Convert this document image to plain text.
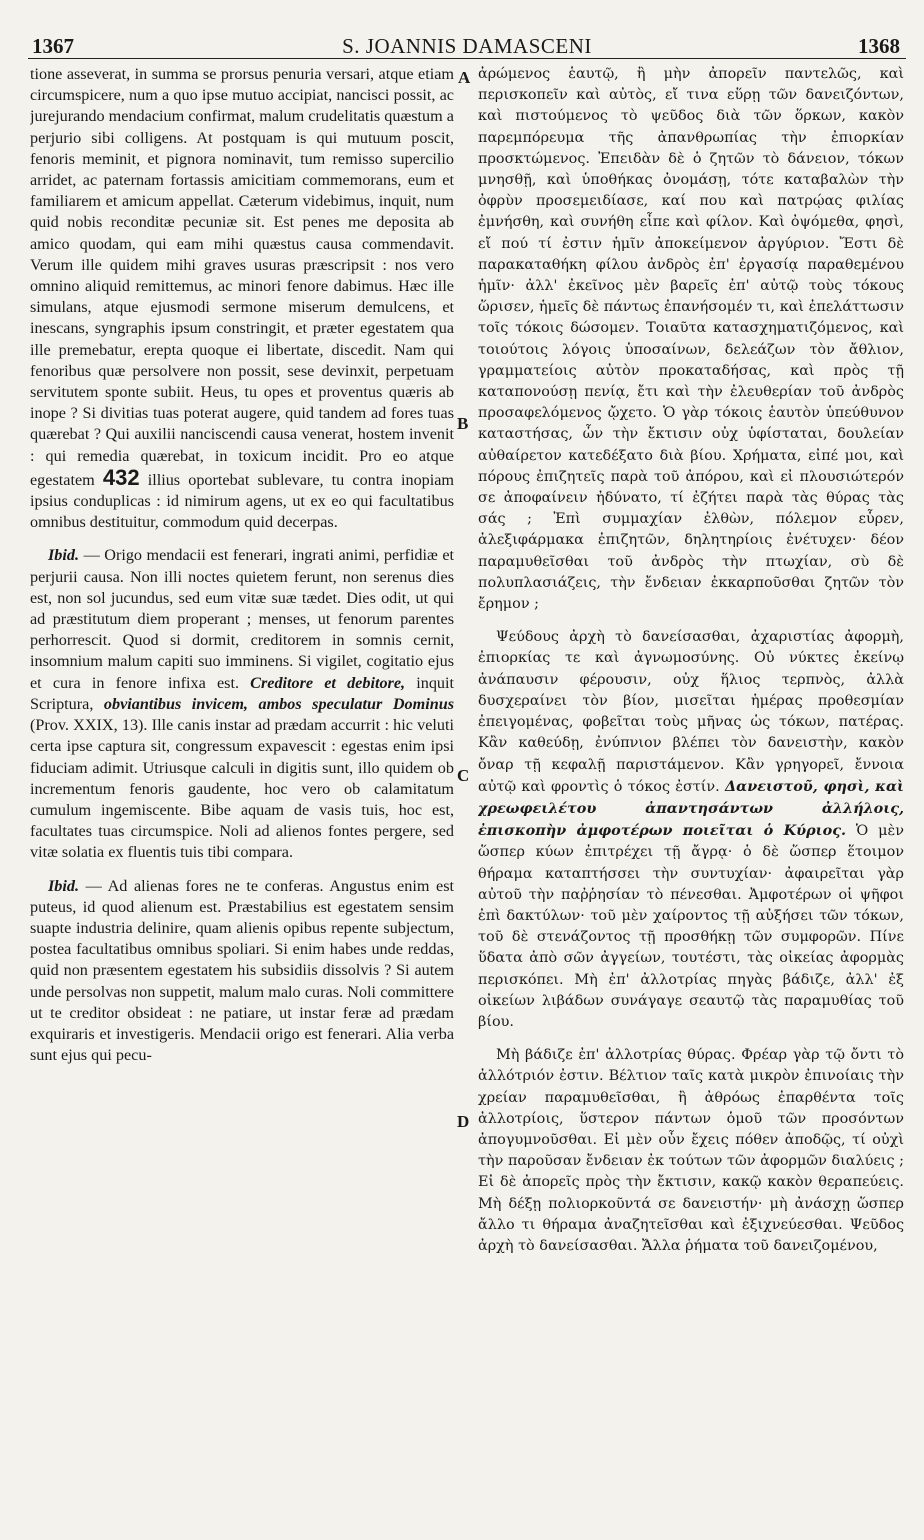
1367	S. JOANNIS DAMASCENI	1368
A
B
C
D

tione asseverat, in summa se prorsus penuria versari, atque etiam circumspicere, num a quo ipse mutuo accipiat, nancisci possit, ac jurejurando mendacium confirmat, malum crudelitatis quæstum a perjurio sibi colligens. At postquam is qui mutuum poscit, fenoris meminit, et pignora nominavit, tum remisso supercilio arridet, ac paternam fortassis amicitiam commemorans, eum et familiarem et amicum appellat. Cæterum videbimus, inquit, num quid nobis reconditæ pecuniæ sit. Est penes me deposita ab amico quodam, qui eam mihi quæstus causa commendavit. Verum ille quidem mihi graves usuras præscripsit : nos vero omnino aliquid remittemus, ac minori fenore dabimus. Hæc ille simulans, atque ejusmodi sermone miserum demulcens, et inescans, syngraphis ipsum constringit, et præter egestatem qua ille premebatur, erepta quoque ei libertate, discedit. Nam qui fenoribus quæ persolvere non possit, sese devinxit, perpetuam servitutem sponte subiit. Heus, tu opes et proventus quæris ab inope ? Si divitias tuas poterat augere, quid tandem ad fores tuas quærebat ? Qui auxilii nanciscendi causa venerat, hostem invenit : qui remedia quærebat, in toxicum incidit. Pro eo atque egestatem 432 illius oportebat sublevare, tu contra inopiam ipsius conduplicas : id nimirum agens, ut ex eo qui facultatibus omnibus destituitur, commodum quid decerpas.

Ibid. — Origo mendacii est fenerari, ingrati animi, perfidiæ et perjurii causa. Non illi noctes quietem ferunt, non serenus dies est, non sol jucundus, sed eum vitæ suæ tædet. Dies odit, ut qui ad præstitutum diem properant ; menses, ut fenorum parentes perhorrescit. Quod si dormit, creditorem in somnis cernit, insomnium malum capiti suo imminens. Si vigilet, cogitatio ejus et cura in fenore infixa est. Creditore et debitore, inquit Scriptura, obviantibus invicem, ambos speculatur Dominus (Prov. XXIX, 13). Ille canis instar ad prædam accurrit : hic veluti certa ipse captura sit, congressum expavescit : egestas enim ipsi fiduciam adimit. Utriusque calculi in digitis sunt, illo quidem ob incrementum fenoris gaudente, hoc vero ob calamitatum cumulum ingemiscente. Bibe aquam de vasis tuis, hoc est, facultates tuas circumspice. Noli ad alienos fontes pergere, sed vitæ solatia ex fluentis tuis tibi compara.

Ibid. — Ad alienas fores ne te conferas. Angustus enim est puteus, id quod alienum est. Præstabilius est egestatem sensim suapte industria delinire, quam alienis opibus repente subjectum, postea facultatibus omnibus spoliari. Si enim habes unde reddas, quid non præsentem egestatem his subsidiis dissolvis ? Si autem unde persolvas non suppetit, malum malo curas. Noli committere ut te creditor obsideat : ne patiare, ut instar feræ ad prædam exquiraris et investigeris. Mendacii origo est fenerari. Alia verba sunt ejus qui pecu-

ἀρώμενος ἑαυτῷ, ἢ μὴν ἀπορεῖν παντελῶς, καὶ περισκοπεῖν καὶ αὐτὸς, εἴ τινα εὕρῃ τῶν δανειζόντων, καὶ πιστούμενος τὸ ψεῦδος διὰ τῶν ὅρκων, κακὸν παρεμπόρευμα τῆς ἀπανθρωπίας τὴν ἐπιορκίαν προσκτώμενος. Ἐπειδὰν δὲ ὁ ζητῶν τὸ δάνειον, τόκων μνησθῇ, καὶ ὑποθήκας ὀνομάσῃ, τότε καταβαλὼν τὴν ὀφρὺν προσεμειδίασε, καί που καὶ πατρῴας φιλίας ἐμνήσθη, καὶ συνήθη εἶπε καὶ φίλον. Καὶ ὀψόμεθα, φησὶ, εἴ πού τί ἐστιν ἡμῖν ἀποκείμενον ἀργύριον. Ἔστι δὲ παρακαταθήκη φίλου ἀνδρὸς ἐπ' ἐργασίᾳ παραθεμένου ἡμῖν· ἀλλ' ἐκεῖνος μὲν βαρεῖς ἐπ' αὐτῷ τοὺς τόκους ὥρισεν, ἡμεῖς δὲ πάντως ἐπανήσομέν τι, καὶ ἐπελάττωσιν τοῖς τόκοις δώσομεν. Τοιαῦτα κατασχηματιζόμενος, καὶ τοιούτοις λόγοις ὑποσαίνων, δελεάζων τὸν ἄθλιον, γραμματείοις αὐτὸν προκαταδήσας, καὶ πρὸς τῇ καταπονούσῃ πενίᾳ, ἔτι καὶ τὴν ἐλευθερίαν τοῦ ἀνδρὸς προσαφελόμενος ᾤχετο. Ὁ γὰρ τόκοις ἑαυτὸν ὑπεύθυνον καταστήσας, ὧν τὴν ἔκτισιν οὐχ ὑφίσταται, δουλείαν αὐθαίρετον κατεδέξατο διὰ βίου. Χρήματα, εἰπέ μοι, καὶ πόρους ἐπιζητεῖς παρὰ τοῦ ἀπόρου, καὶ εἰ πλουσιώτερόν σε ἀποφαίνειν ἠδύνατο, τί ἐζήτει παρὰ τὰς θύρας τὰς σάς ; Ἐπὶ συμμαχίαν ἐλθὼν, πόλεμον εὗρεν, ἀλεξιφάρμακα ἐπιζητῶν, δηλητηρίοις ἐνέτυχεν· δέον παραμυθεῖσθαι τοῦ ἀνδρὸς τὴν πτωχίαν, σὺ δὲ πολυπλασιάζεις, τὴν ἔνδειαν ἐκκαρποῦσθαι ζητῶν τὸν ἔρημον ;

Ψεύδους ἀρχὴ τὸ δανείσασθαι, ἀχαριστίας ἀφορμὴ, ἐπιορκίας τε καὶ ἀγνωμοσύνης. Οὐ νύκτες ἐκείνῳ ἀνάπαυσιν φέρουσιν, οὐχ ἥλιος τερπνὸς, ἀλλὰ δυσχεραίνει τὸν βίον, μισεῖται ἡμέρας προθεσμίαν ἐπειγομένας, φοβεῖται τοὺς μῆνας ὡς τόκων, πατέρας. Κἂν καθεύδῃ, ἐνύπνιον βλέπει τὸν δανειστὴν, κακὸν ὄναρ τῇ κεφαλῇ παριστάμενον. Κἂν γρηγορεῖ, ἔννοια αὐτῷ καὶ φροντὶς ὁ τόκος ἐστίν. Δανειστοῦ, φησὶ, καὶ χρεωφειλέτου ἀπαντησάντων ἀλλήλοις, ἐπισκοπὴν ἀμφοτέρων ποιεῖται ὁ Κύριος. Ὁ μὲν ὥσπερ κύων ἐπιτρέχει τῇ ἄγρᾳ· ὁ δὲ ὥσπερ ἕτοιμον θήραμα καταπτήσσει τὴν συντυχίαν· ἀφαιρεῖται γὰρ αὐτοῦ τὴν παῤῥησίαν τὸ πένεσθαι. Ἀμφοτέρων οἱ ψῆφοι ἐπὶ δακτύλων· τοῦ μὲν χαίροντος τῇ αὐξήσει τῶν τόκων, τοῦ δὲ στενάζοντος τῇ προσθήκῃ τῶν συμφορῶν. Πίνε ὕδατα ἀπὸ σῶν ἀγγείων, τουτέστι, τὰς οἰκείας ἀφορμὰς περισκόπει. Μὴ ἐπ' ἀλλοτρίας πηγὰς βάδιζε, ἀλλ' ἐξ οἰκείων λιβάδων συνάγαγε σεαυτῷ τὰς παραμυθίας τοῦ βίου.

Μὴ βάδιζε ἐπ' ἀλλοτρίας θύρας. Φρέαρ γὰρ τῷ ὄντι τὸ ἀλλότριόν ἐστιν. Βέλτιον ταῖς κατὰ μικρὸν ἐπινοίαις τὴν χρείαν παραμυθεῖσθαι, ἢ ἀθρόως ἐπαρθέντα τοῖς ἀλλοτρίοις, ὕστερον πάντων ὁμοῦ τῶν προσόντων ἀπογυμνοῦσθαι. Εἰ μὲν οὖν ἔχεις πόθεν ἀποδῷς, τί οὐχὶ τὴν παροῦσαν ἔνδειαν ἐκ τούτων τῶν ἀφορμῶν διαλύεις ; Εἰ δὲ ἀπορεῖς πρὸς τὴν ἔκτισιν, κακῷ κακὸν θεραπεύεις. Μὴ δέξῃ πολιορκοῦντά σε δανειστήν· μὴ ἀνάσχῃ ὥσπερ ἄλλο τι θήραμα ἀναζητεῖσθαι καὶ ἐξιχνεύεσθαι. Ψεῦδος ἀρχὴ τὸ δανείσασθαι. Ἄλλα ῥήματα τοῦ δανειζομένου,
